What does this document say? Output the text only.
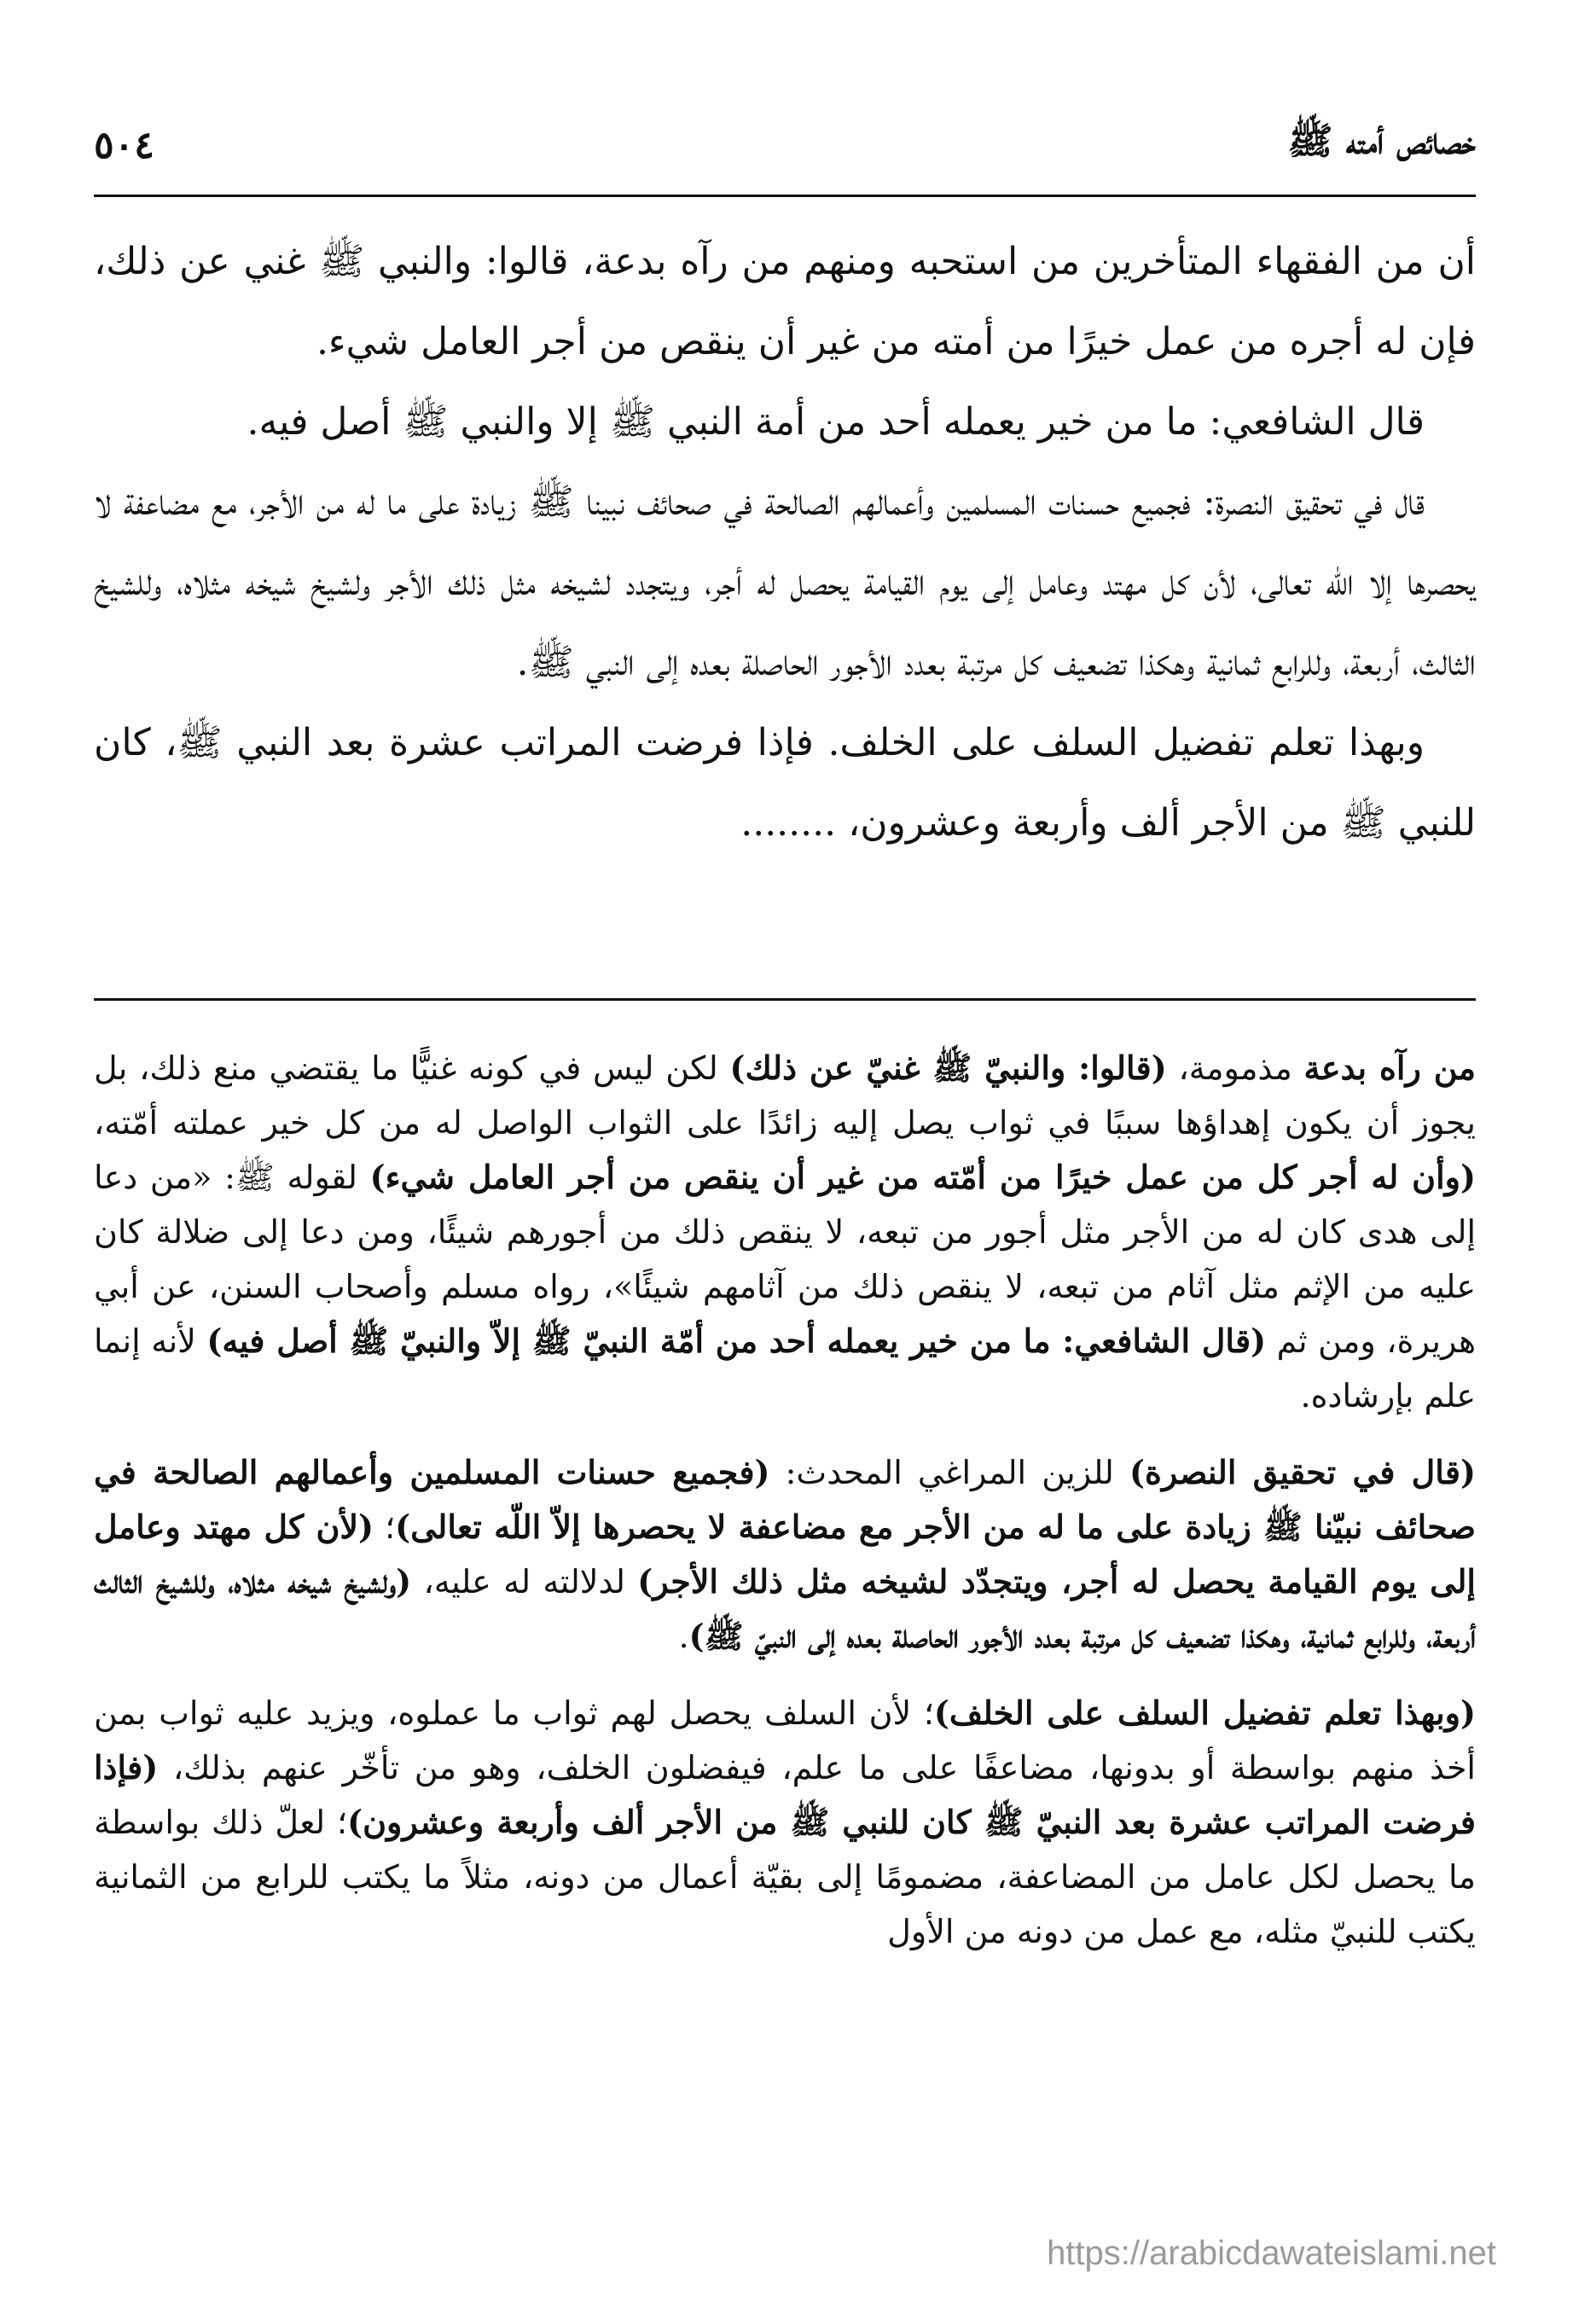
خصائص أمته ﷺ
٥٠٤

أن من الفقهاء المتأخرين من استحبه ومنهم من رآه بدعة، قالوا: والنبي ﷺ غني عن ذلك، فإن له أجره من عمل خيرًا من أمته من غير أن ينقص من أجر العامل شيء.

قال الشافعي: ما من خير يعمله أحد من أمة النبي ﷺ إلا والنبي ﷺ أصل فيه.

قال في تحقيق النصرة: فجميع حسنات المسلمين وأعمالهم الصالحة في صحائف نبينا ﷺ زيادة على ما له من الأجر، مع مضاعفة لا يحصرها إلا الله تعالى، لأن كل مهتد وعامل إلى يوم القيامة يحصل له أجر، ويتجدد لشيخه مثل ذلك الأجر ولشيخ شيخه مثلاه، وللشيخ الثالث، أربعة، وللرابع ثمانية وهكذا تضعيف كل مرتبة بعدد الأجور الحاصلة بعده إلى النبي ﷺ.

وبهذا تعلم تفضيل السلف على الخلف. فإذا فرضت المراتب عشرة بعد النبي ﷺ، كان للنبي ﷺ من الأجر ألف وأربعة وعشرون، ........

من رآه بدعة مذمومة، (قالوا: والنبيّ ﷺ غنيّ عن ذلك) لكن ليس في كونه غنيًّا ما يقتضي منع ذلك، بل يجوز أن يكون إهداؤها سببًا في ثواب يصل إليه زائدًا على الثواب الواصل له من كل خير عملته أمّته، (وأن له أجر كل من عمل خيرًا من أمّته من غير أن ينقص من أجر العامل شيء) لقوله ﷺ: «من دعا إلى هدى كان له من الأجر مثل أجور من تبعه، لا ينقص ذلك من أجورهم شيئًا، ومن دعا إلى ضلالة كان عليه من الإثم مثل آثام من تبعه، لا ينقص ذلك من آثامهم شيئًا»، رواه مسلم وأصحاب السنن، عن أبي هريرة، ومن ثم (قال الشافعي: ما من خير يعمله أحد من أمّة النبيّ ﷺ إلاّ والنبيّ ﷺ أصل فيه) لأنه إنما علم بإرشاده.

(قال في تحقيق النصرة) للزين المراغي المحدث: (فجميع حسنات المسلمين وأعمالهم الصالحة في صحائف نبيّنا ﷺ زيادة على ما له من الأجر مع مضاعفة لا يحصرها إلاّ اللّه تعالى)؛ (لأن كل مهتد وعامل إلى يوم القيامة يحصل له أجر، ويتجدّد لشيخه مثل ذلك الأجر) لدلالته له عليه، (ولشيخ شيخه مثلاه، وللشيخ الثالث أربعة، وللرابع ثمانية، وهكذا تضعيف كل مرتبة بعدد الأجور الحاصلة بعده إلى النبيّ ﷺ).

(وبهذا تعلم تفضيل السلف على الخلف)؛ لأن السلف يحصل لهم ثواب ما عملوه، ويزيد عليه ثواب بمن أخذ منهم بواسطة أو بدونها، مضاعفًا على ما علم، فيفضلون الخلف، وهو من تأخّر عنهم بذلك، (فإذا فرضت المراتب عشرة بعد النبيّ ﷺ كان للنبي ﷺ من الأجر ألف وأربعة وعشرون)؛ لعلّ ذلك بواسطة ما يحصل لكل عامل من المضاعفة، مضمومًا إلى بقيّة أعمال من دونه، مثلاً ما يكتب للرابع من الثمانية يكتب للنبيّ مثله، مع عمل من دونه من الأول

https://arabicdawateislami.net
